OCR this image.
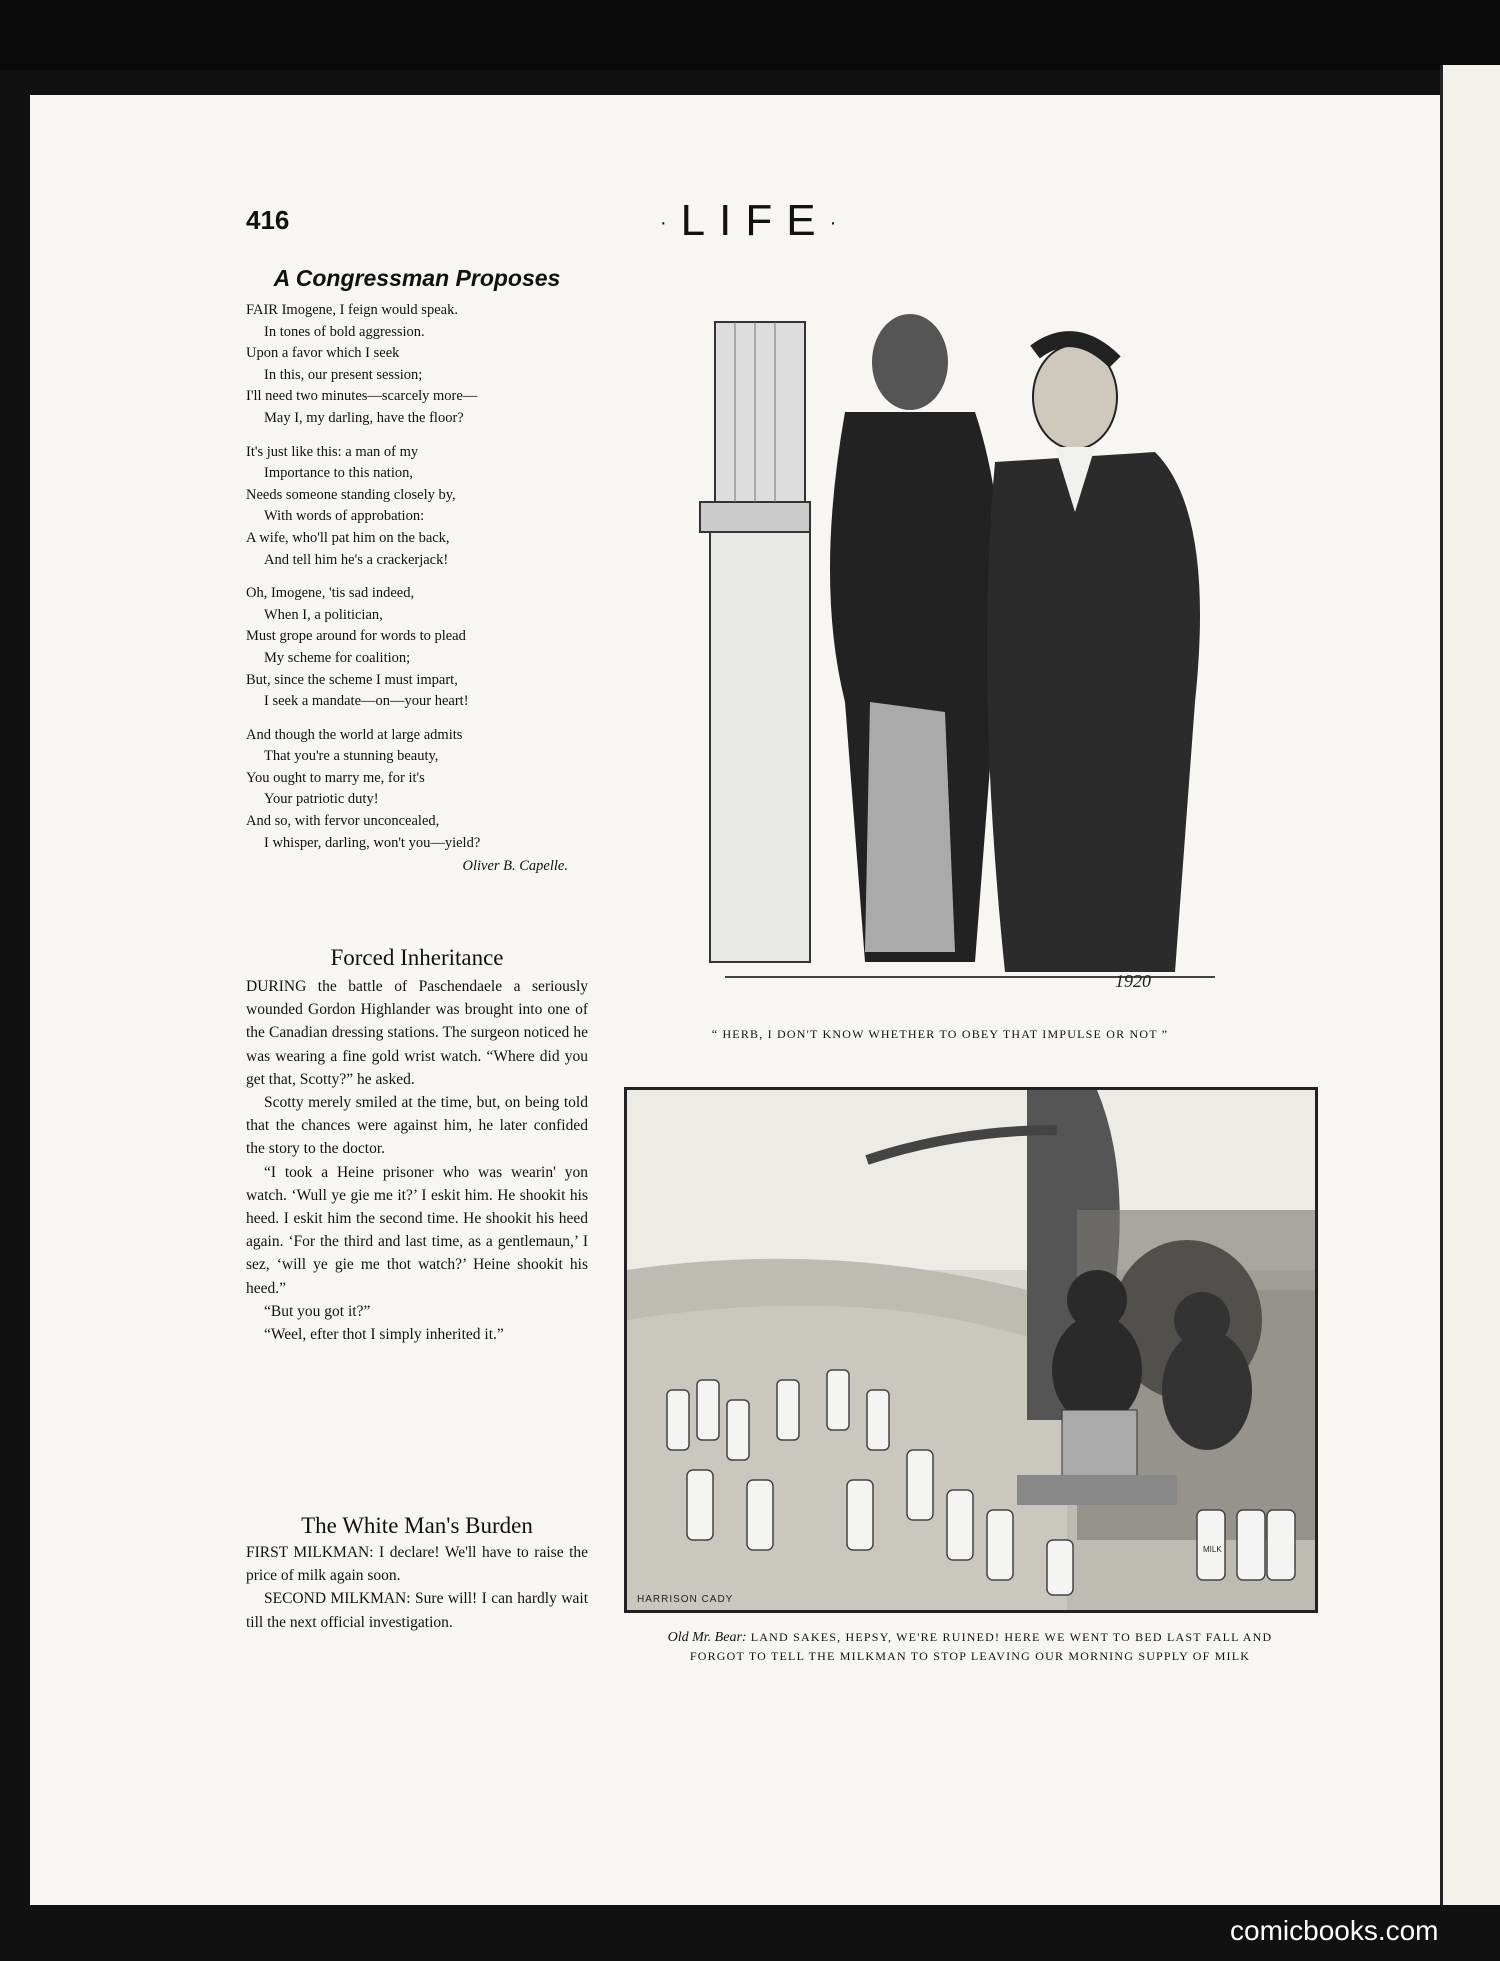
416	·LIFE·
A Congressman Proposes
FAIR Imogene, I feign would speak.
In tones of bold aggression.
Upon a favor which I seek
In this, our present session;
I'll need two minutes—scarcely more—
May I, my darling, have the floor?
It's just like this: a man of my
Importance to this nation,
Needs someone standing closely by,
With words of approbation:
A wife, who'll pat him on the back,
And tell him he's a crackerjack!
Oh, Imogene, 'tis sad indeed,
When I, a politician,
Must grope around for words to plead
My scheme for coalition;
But, since the scheme I must impart,
I seek a mandate—on—your heart!
And though the world at large admits
That you're a stunning beauty,
You ought to marry me, for it's
Your patriotic duty!
And so, with fervor unconcealed,
I whisper, darling, won't you—yield?
Oliver B. Capelle.
Forced Inheritance

DURING the battle of Paschendaele a seriously wounded Gordon Highlander was brought into one of the Canadian dressing stations. The surgeon noticed he was wearing a fine gold wrist watch. “Where did you get that, Scotty?” he asked.

Scotty merely smiled at the time, but, on being told that the chances were against him, he later confided the story to the doctor.

“I took a Heine prisoner who was wearin' yon watch. ‘Wull ye gie me it?’ I eskit him. He shookit his heed. I eskit him the second time. He shookit his heed again. ‘For the third and last time, as a gentlemaun,’ I sez, ‘will ye gie me thot watch?’ Heine shookit his heed.”

“But you got it?”

“Weel, efter thot I simply inherited it.”

The White Man's Burden

FIRST MILKMAN: I declare! We'll have to raise the price of milk again soon.

SECOND MILKMAN: Sure will! I can hardly wait till the next official investigation.

1920
“ HERB, I DON'T KNOW WHETHER TO OBEY THAT IMPULSE OR NOT ”
MILK
HARRISON CADY
Old Mr. Bear: LAND SAKES, HEPSY, WE'RE RUINED! HERE WE WENT TO BED LAST FALL AND FORGOT TO TELL THE MILKMAN TO STOP LEAVING OUR MORNING SUPPLY OF MILK
comicbooks.com
